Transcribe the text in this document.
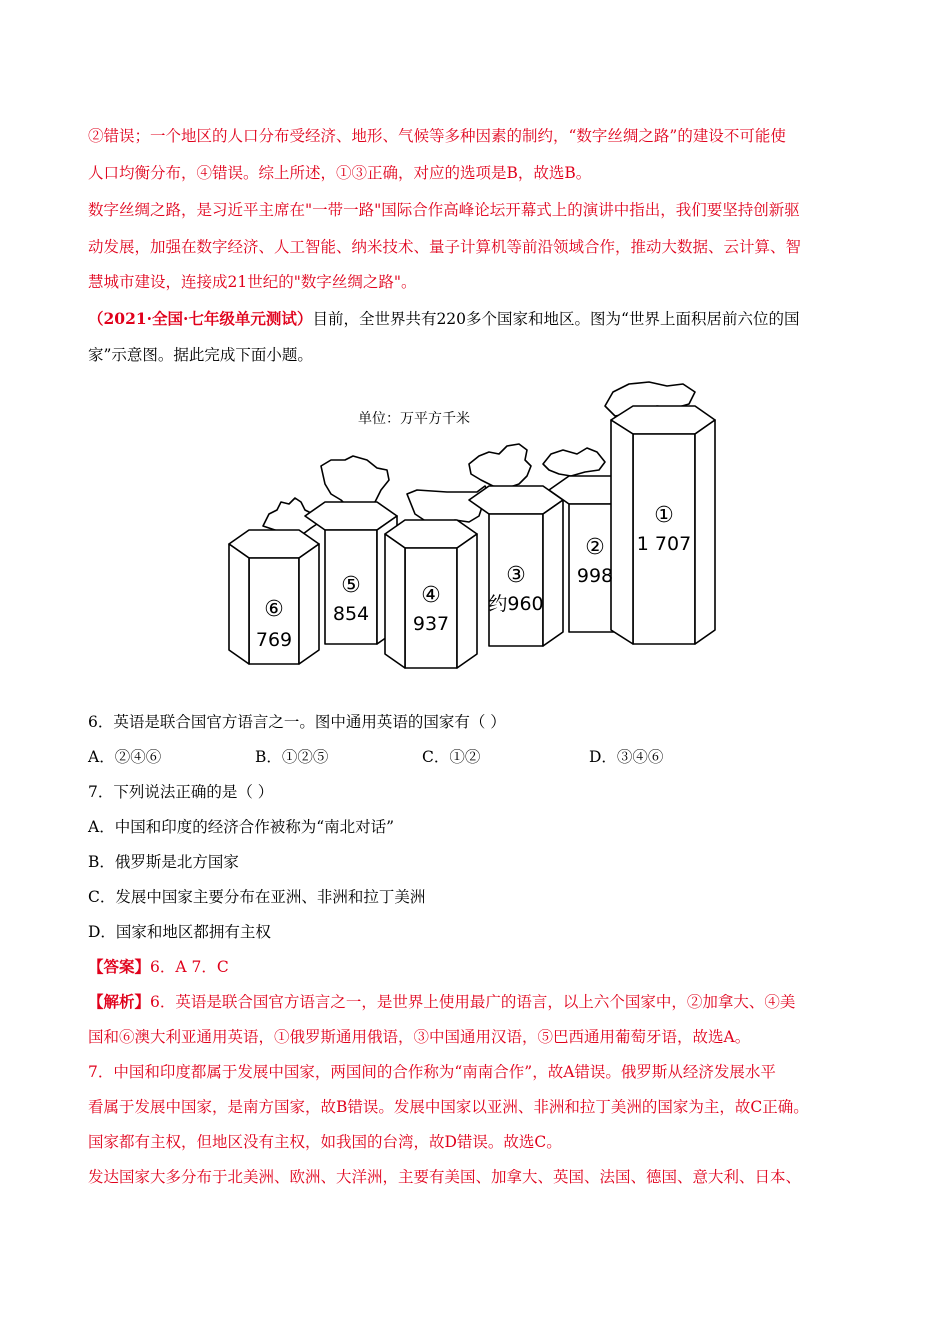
②错误；一个地区的人口分布受经济、地形、气候等多种因素的制约，“数字丝绸之路”的建设不可能使
人口均衡分布，④错误。综上所述，①③正确，对应的选项是B，故选B。
数字丝绸之路，是习近平主席在"一带一路"国际合作高峰论坛开幕式上的演讲中指出，我们要坚持创新驱
动发展，加强在数字经济、人工智能、纳米技术、量子计算机等前沿领域合作，推动大数据、云计算、智
慧城市建设，连接成21世纪的"数字丝绸之路"。
（2021·全国·七年级单元测试）目前，全世界共有220多个国家和地区。图为“世界上面积居前六位的国
家”示意图。据此完成下面小题。
单位：万平方千米
⑥
769
⑤
854
④
937
③
约960
②
998
①
1 707
6．英语是联合国官方语言之一。图中通用英语的国家有（ ）
A．②④⑥	B．①②⑤	C．①②	D．③④⑥
7．下列说法正确的是（ ）
A．中国和印度的经济合作被称为“南北对话”
B．俄罗斯是北方国家
C．发展中国家主要分布在亚洲、非洲和拉丁美洲
D．国家和地区都拥有主权
【答案】6．A 7．C
【解析】6．英语是联合国官方语言之一，是世界上使用最广的语言，以上六个国家中，②加拿大、④美
国和⑥澳大利亚通用英语，①俄罗斯通用俄语，③中国通用汉语，⑤巴西通用葡萄牙语，故选A。
7．中国和印度都属于发展中国家，两国间的合作称为“南南合作”，故A错误。俄罗斯从经济发展水平
看属于发展中国家，是南方国家，故B错误。发展中国家以亚洲、非洲和拉丁美洲的国家为主，故C正确。
国家都有主权，但地区没有主权，如我国的台湾，故D错误。故选C。
发达国家大多分布于北美洲、欧洲、大洋洲，主要有美国、加拿大、英国、法国、德国、意大利、日本、
